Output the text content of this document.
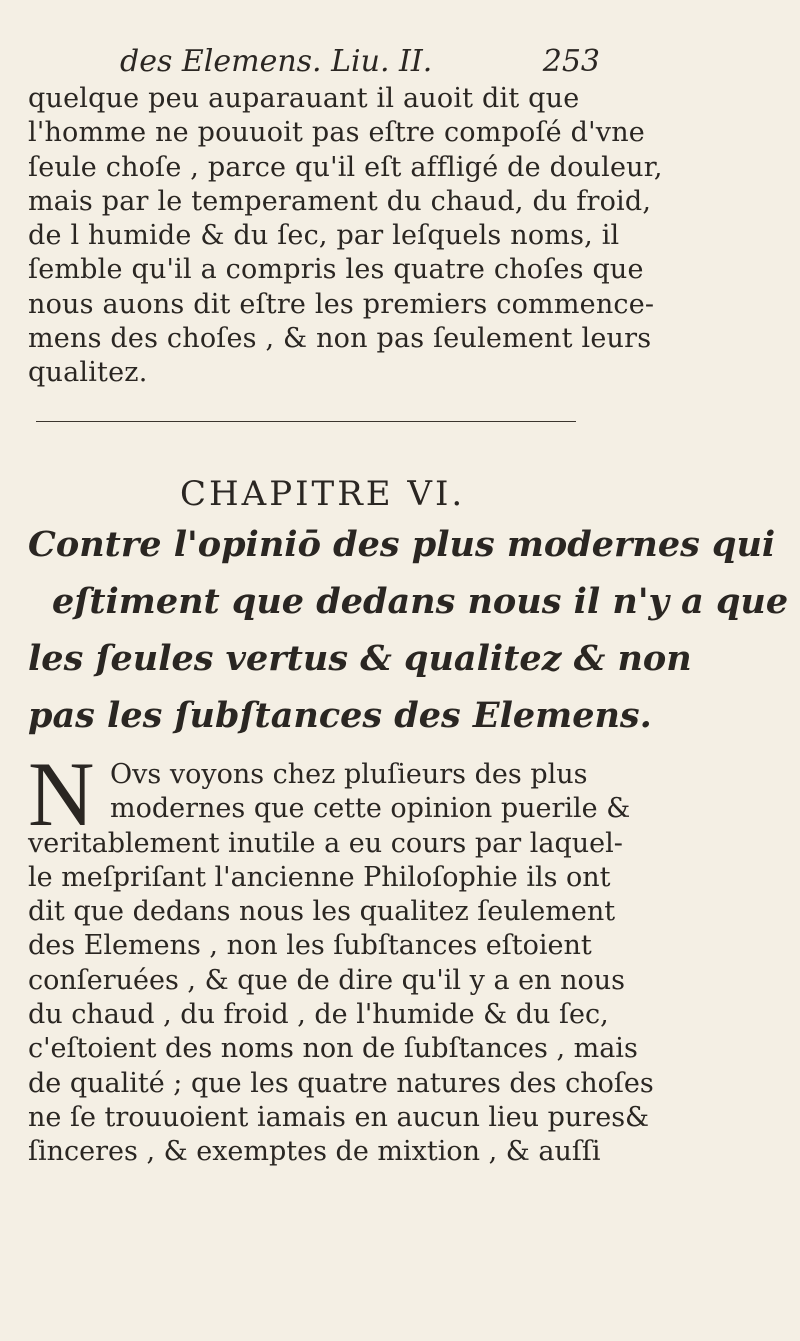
des Elemens. Liu. II.	253
quelque peu auparauant il auoit dit que
l'homme ne pouuoit pas eſtre compoſé d'vne
ſeule choſe , parce qu'il eſt affligé de douleur,
mais par le temperament du chaud, du froid,
de l humide & du ſec, par leſquels noms, il
ſemble qu'il a compris les quatre choſes que
nous auons dit eſtre les premiers commence-
mens des choſes , & non pas ſeulement leurs
qualitez.
CHAPITRE VI.
Contre l'opiniō des plus modernes qui
eſtiment que dedans nous il n'y a que
les ſeules vertus & qualitez & non
pas les ſubſtances des Elemens.
N Ovs voyons chez pluſieurs des plus
modernes que cette opinion puerile &
veritablement inutile a eu cours par laquel-
le meſpriſant l'ancienne Philoſophie ils ont
dit que dedans nous les qualitez ſeulement
des Elemens , non les ſubſtances eſtoient
conſeruées , & que de dire qu'il y a en nous
du chaud , du froid , de l'humide & du ſec,
c'eſtoient des noms non de ſubſtances , mais
de qualité ; que les quatre natures des choſes
ne ſe trouuoient iamais en aucun lieu pures&
ſinceres , & exemptes de mixtion , & auſſi
